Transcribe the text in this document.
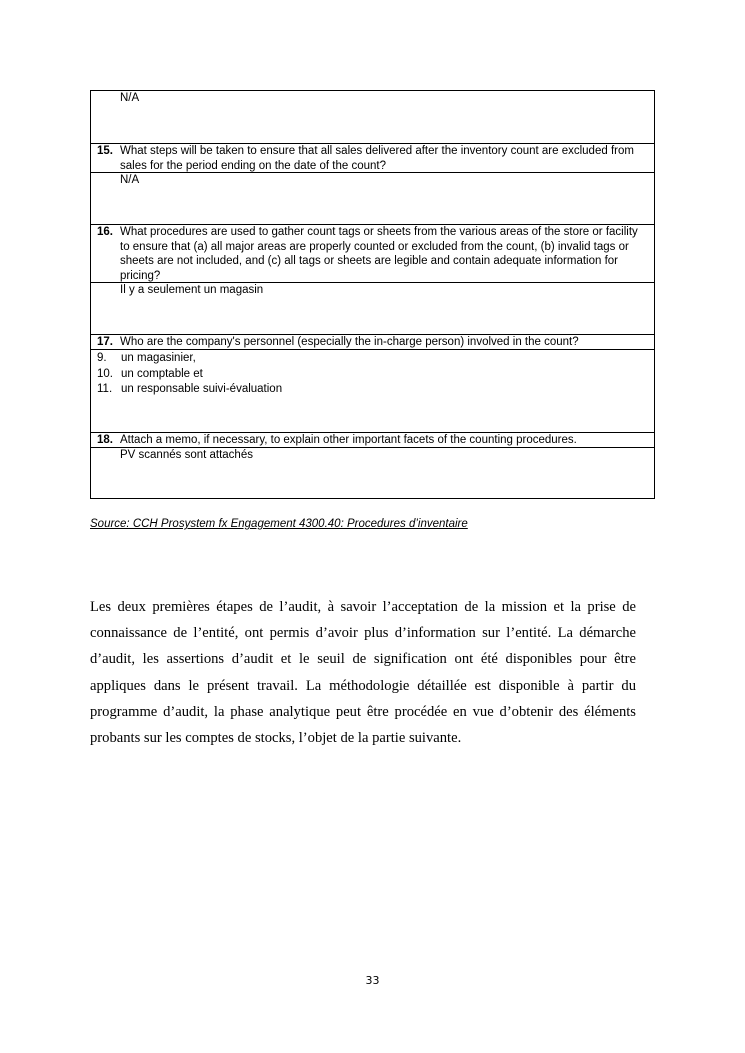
N/A
15. What steps will be taken to ensure that all sales delivered after the inventory count are excluded from sales for the period ending on the date of the count?
N/A
16. What procedures are used to gather count tags or sheets from the various areas of the store or facility to ensure that (a) all major areas are properly counted or excluded from the count, (b) invalid tags or sheets are not included, and (c) all tags or sheets are legible and contain adequate information for pricing?
Il y a seulement un magasin
17. Who are the company's personnel (especially the in-charge person) involved in the count?
9.	un magasinier,
10. un comptable et
11. un responsable suivi-évaluation
18. Attach a memo, if necessary, to explain other important facets of the counting procedures.
PV scannés sont attachés
Source: CCH Prosystem fx Engagement 4300.40: Procedures d’inventaire

Les deux premières étapes de l’audit, à savoir l’acceptation de la mission et la prise de connaissance de l’entité, ont permis d’avoir plus d’information sur l’entité. La démarche d’audit, les assertions d’audit et le seuil de signification ont été disponibles pour être appliques dans le présent travail. La méthodologie détaillée est disponible à partir du programme d’audit, la phase analytique peut être procédée en vue d’obtenir des éléments probants sur les comptes de stocks, l’objet de la partie suivante.

33
